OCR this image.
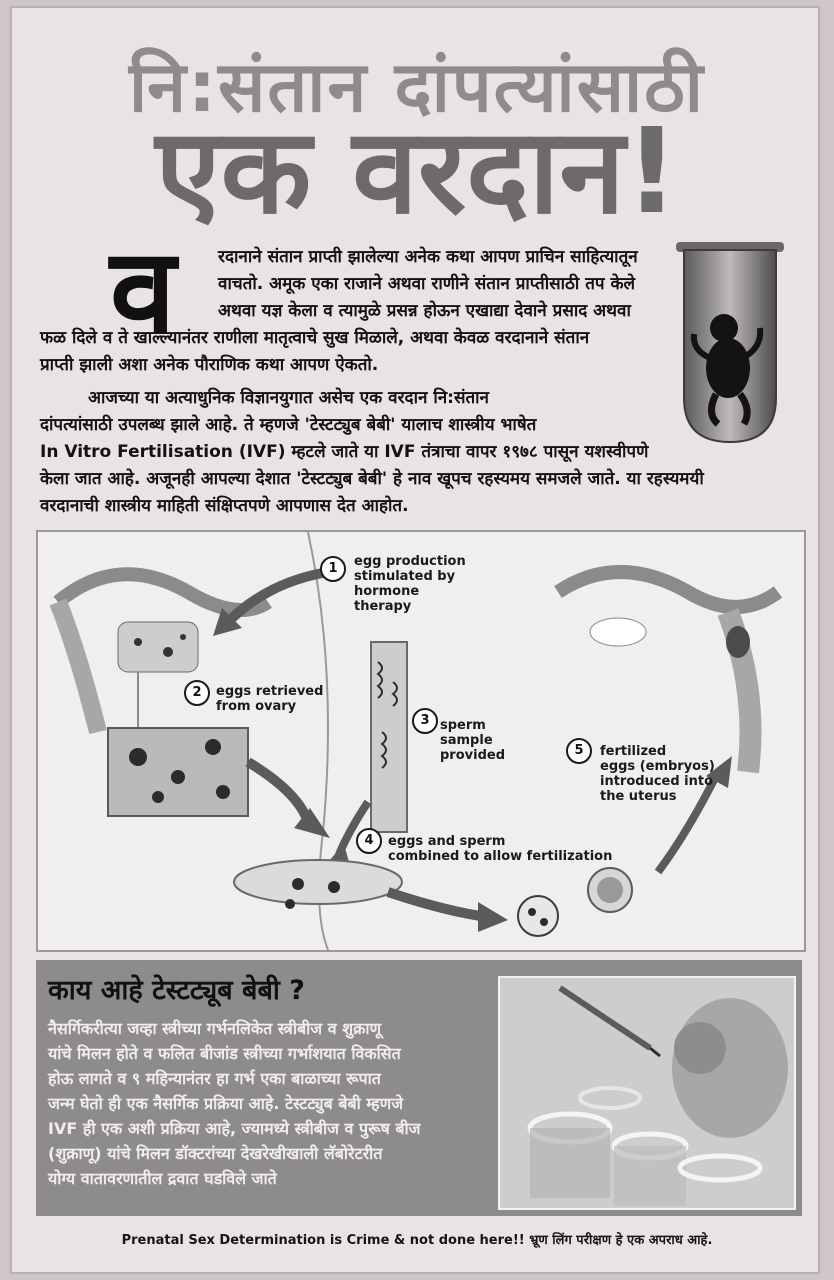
नि:संतान दांपत्यांसाठी
एक वरदान!
व रदानाने संतान प्राप्ती झालेल्या अनेक कथा आपण प्राचिन साहित्यातून
वाचतो. अमूक एका राजाने अथवा राणीने संतान प्राप्तीसाठी तप केले
अथवा यज्ञ केला व त्यामुळे प्रसन्न होऊन एखाद्या देवाने प्रसाद अथवा
फळ दिले व ते खाल्ल्यानंतर राणीला मातृत्वाचे सुख मिळाले, अथवा केवळ वरदानाने संतान
प्राप्ती झाली अशा अनेक पौराणिक कथा आपण ऐकतो.
आजच्या या अत्याधुनिक विज्ञानयुगात असेच एक वरदान नि:संतान
दांपत्यांसाठी उपलब्ध झाले आहे. ते म्हणजे 'टेस्टट्युब बेबी' यालाच शास्त्रीय भाषेत
In Vitro Fertilisation (IVF) म्हटले जाते या IVF तंत्राचा वापर १९७८ पासून यशस्वीपणे
केला जात आहे. अजूनही आपल्या देशात 'टेस्टट्युब बेबी' हे नाव खूपच रहस्यमय समजले जाते. या रहस्यमयी
वरदानाची शास्त्रीय माहिती संक्षिप्तपणे आपणास देत आहोत.
1	egg production
stimulated by
hormone
therapy
2	eggs retrieved
from ovary
3 sperm
sample
provided
4	eggs and sperm
combined to allow fertilization
5	fertilized
eggs (embryos)
introduced into
the uterus
काय आहे टेस्टट्यूब बेबी ?
नैसर्गिकरीत्या जव्हा स्त्रीच्या गर्भनलिकेत स्त्रीबीज व शुक्राणू
यांचे मिलन होते व फलित बीजांड स्त्रीच्या गर्भाशयात विकसित
होऊ लागते व ९ महिन्यानंतर हा गर्भ एका बाळाच्या रूपात
जन्म घेतो ही एक नैसर्गिक प्रक्रिया आहे. टेस्टट्युब बेबी म्हणजे
IVF ही एक अशी प्रक्रिया आहे, ज्यामध्ये स्त्रीबीज व पुरूष बीज
(शुक्राणू) यांचे मिलन डॉक्टरांच्या देखरेखीखाली लॅबोरेटरीत
योग्य वातावरणातील द्रवात घडविले जाते
Prenatal Sex Determination is Crime & not done here!! भ्रूण लिंग परीक्षण हे एक अपराध आहे.
